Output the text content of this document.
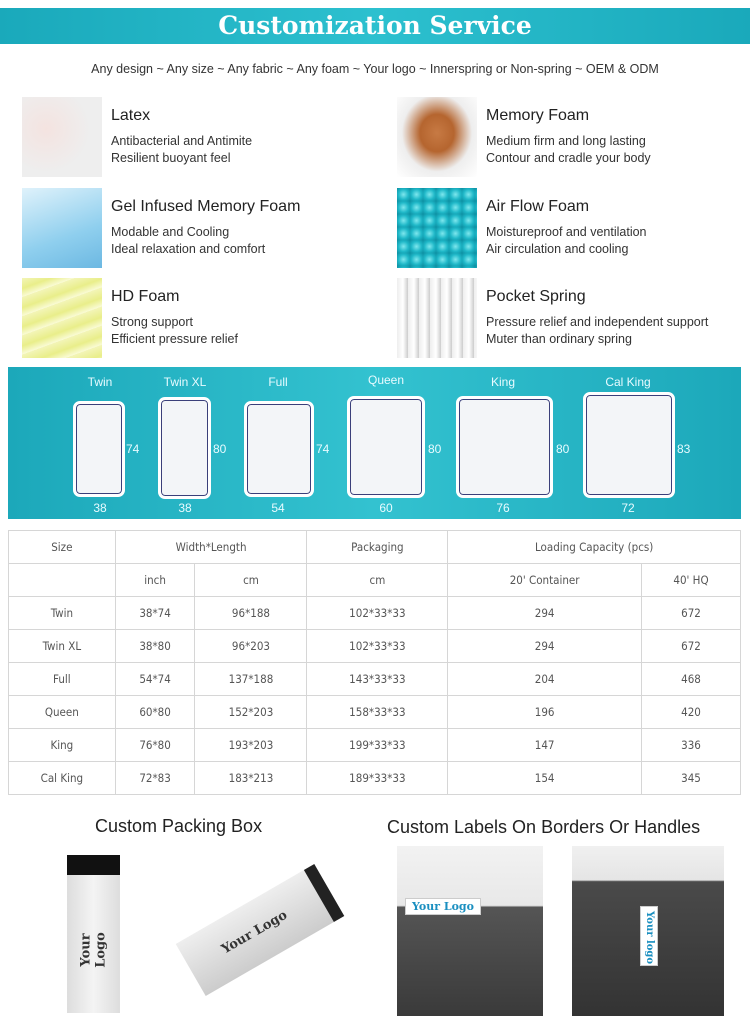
Customization Service
Any design ~ Any size ~ Any fabric ~ Any foam ~ Your logo ~ Innerspring or Non-spring ~ OEM & ODM
Latex
Antibacterial and Antimite
Resilient buoyant feel
Memory Foam
Medium firm and long lasting
Contour and cradle your body
Gel Infused Memory Foam
Modable and Cooling
Ideal relaxation and comfort
Air Flow Foam
Moistureproof and ventilation
Air circulation and cooling
HD Foam
Strong support
Efficient pressure relief
Pocket Spring
Pressure relief and independent support
Muter than ordinary spring
Twin
74
38
Twin XL
80
38
Full
74
54
Queen
80
60
King
80
76
Cal King
83
72
Size	Width*Length		Packaging	Loading Capacity (pcs)	
	inch	cm	cm	20' Container	40' HQ
Twin	38*74	96*188	102*33*33	294	672
Twin XL	38*80	96*203	102*33*33	294	672
Full	54*74	137*188	143*33*33	204	468
Queen	60*80	152*203	158*33*33	196	420
King	76*80	193*203	199*33*33	147	336
Cal King	72*83	183*213	189*33*33	154	345
Custom Packing Box	Custom Labels On Borders Or Handles
Your Logo	Your Logo
Your Logo
Your logo
